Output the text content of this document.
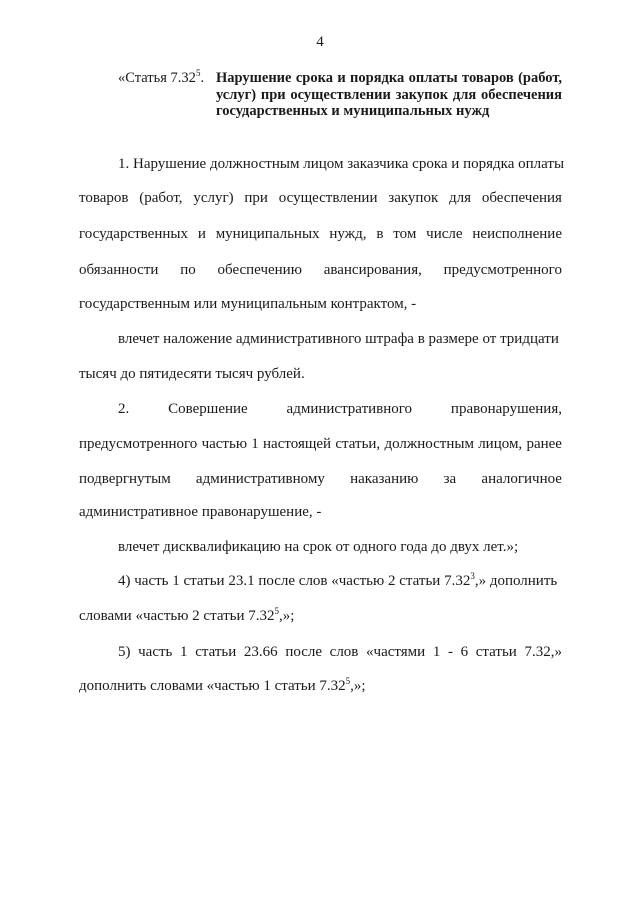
4
«Статья 7.32$^5$. Нарушение срока и порядка оплаты товаров (работ, услуг) при осуществлении закупок для обеспечения государственных и муниципальных нужд
1. Нарушение должностным лицом заказчика срока и порядка оплаты
товаров (работ, услуг) при осуществлении закупок для обеспечения
государственных и муниципальных нужд, в том числе неисполнение
обязанности по обеспечению авансирования, предусмотренного
государственным или муниципальным контрактом, -
влечет наложение административного штрафа в размере от тридцати
тысяч до пятидесяти тысяч рублей.
2.	Совершение	административного	правонарушения,
предусмотренного частью 1 настоящей статьи, должностным лицом, ранее
подвергнутым административному наказанию за аналогичное
административное правонарушение, -
влечет дисквалификацию на срок от одного года до двух лет.»;
4) часть 1 статьи 23.1 после слов «частью 2 статьи 7.32$^3$,» дополнить
словами «частью 2 статьи 7.32$^5$,»;
5) часть 1 статьи 23.66 после слов «частями 1 - 6 статьи 7.32,»
дополнить словами «частью 1 статьи 7.32$^5$,»;
